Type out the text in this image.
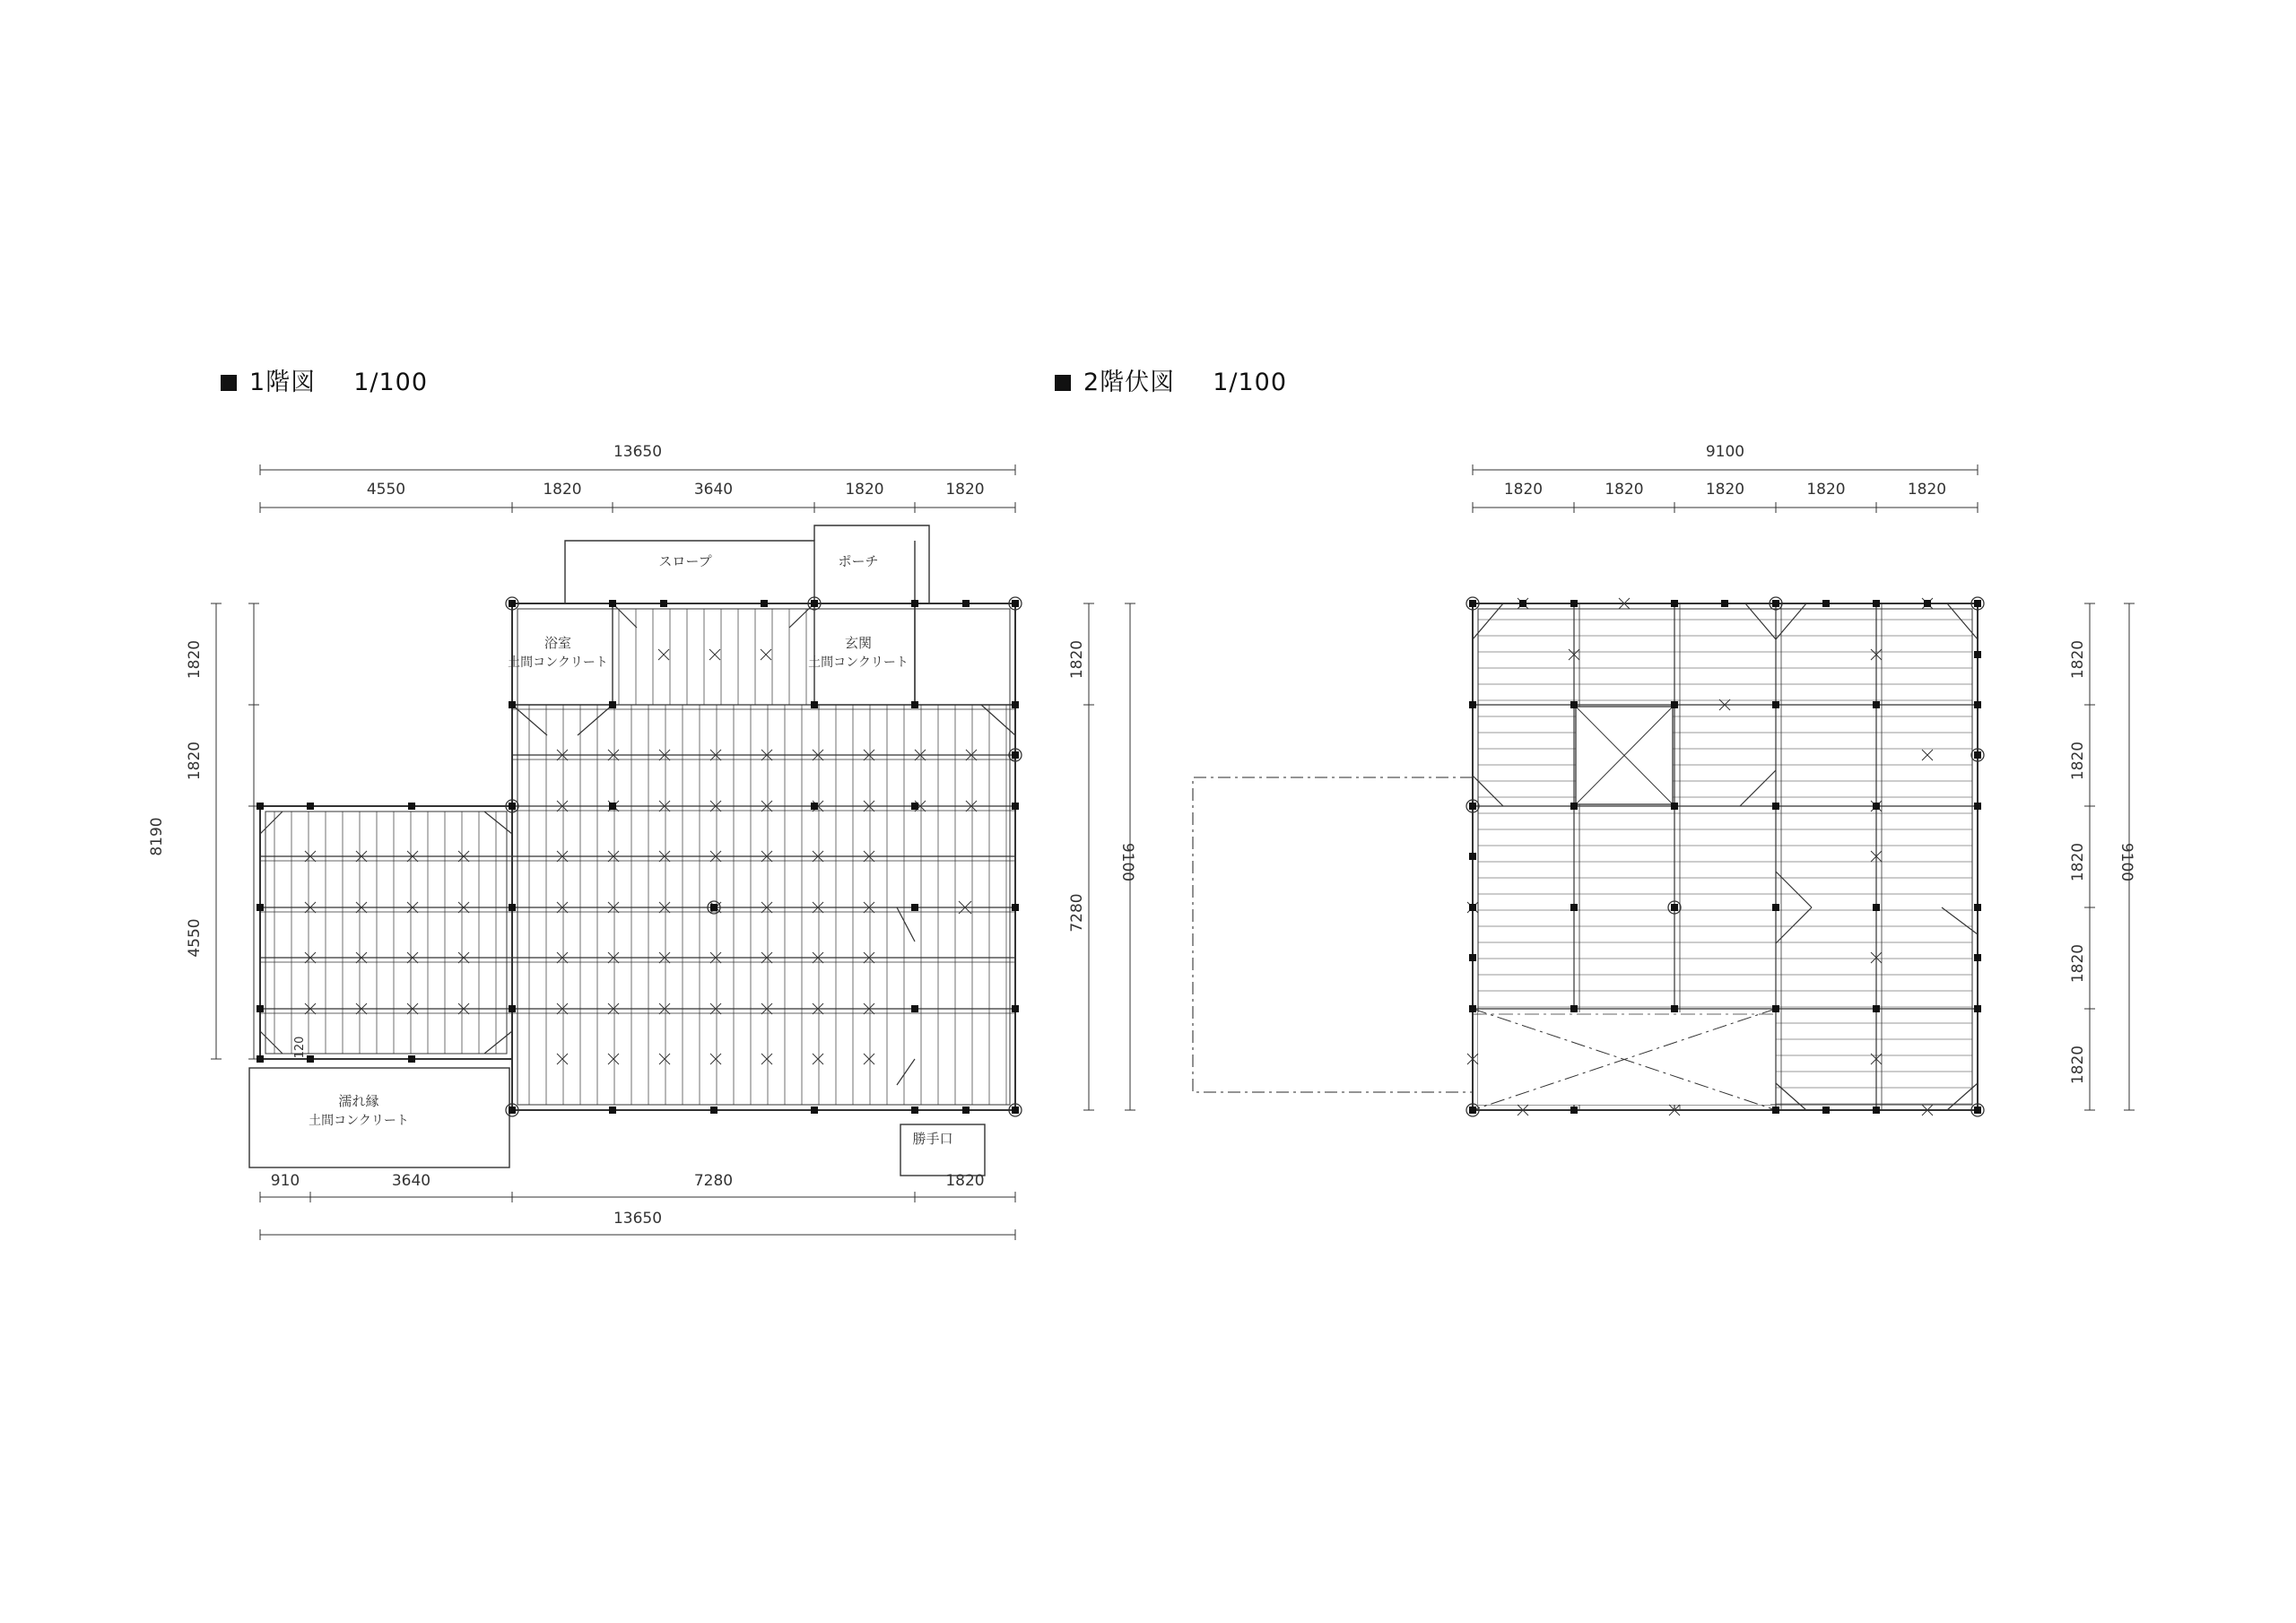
1階図 1/100	2階伏図 1/100
13650
4550	1820	3640	1820	1820
910	3640	7280	1820
13650
8190
1820
1820
4550
1820
7280
9100
スロープ	ポーチ
浴室
土間コンクリート
玄関
土間コンクリート
濡れ縁
土間コンクリート
勝手口
120
9100
1820	1820	1820	1820	1820
1820
1820
1820
1820
1820
9100
